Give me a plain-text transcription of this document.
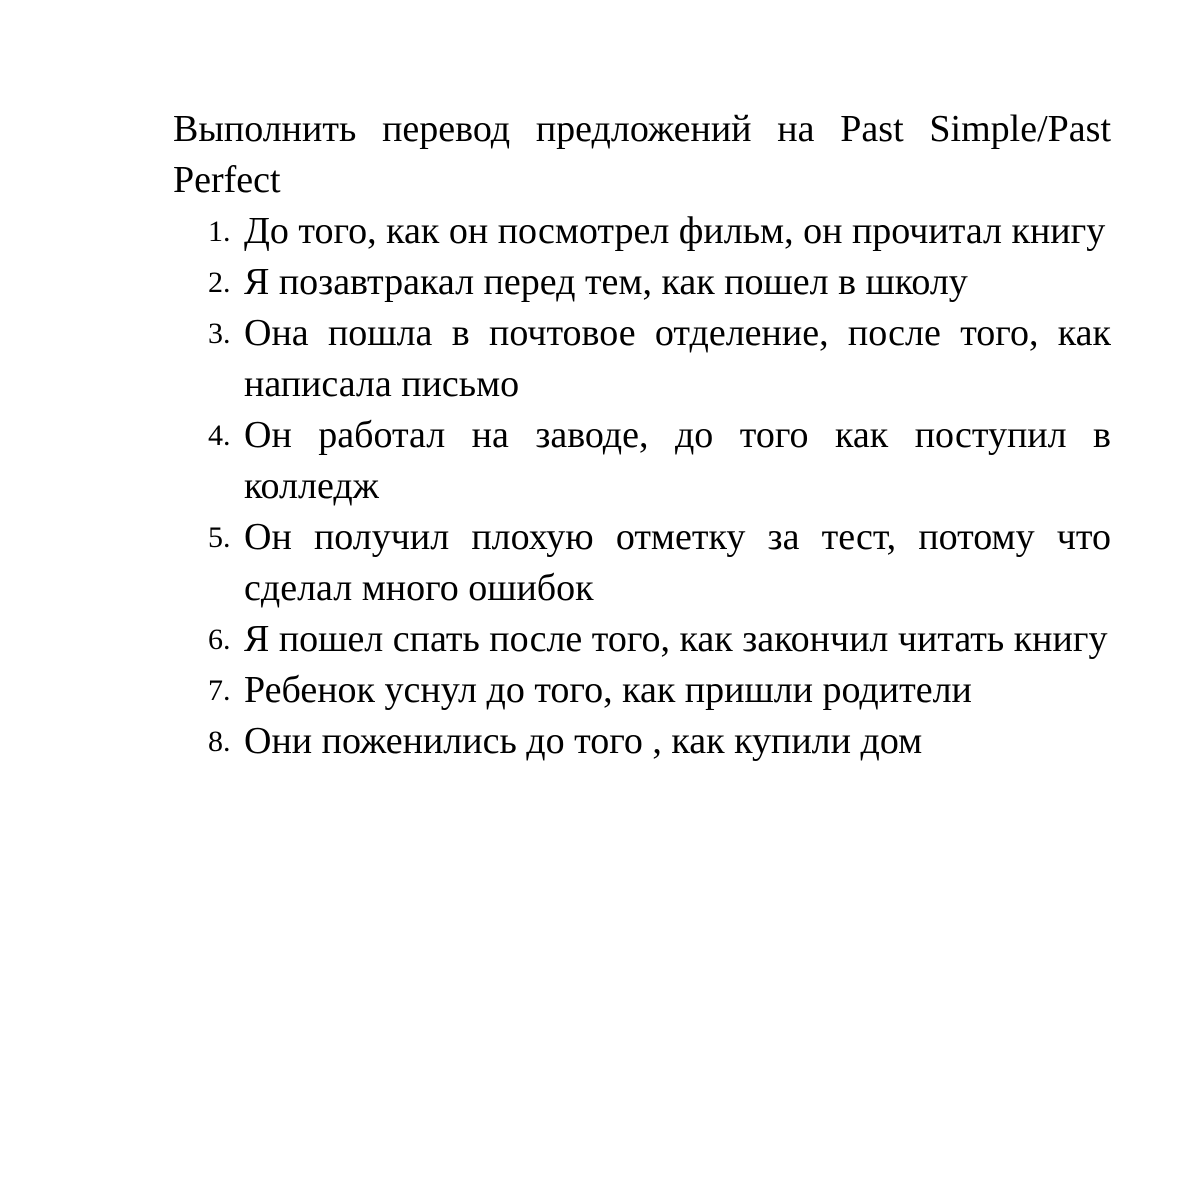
Выполнить перевод предложений на Past Simple/Past Perfect

1. До того, как он посмотрел фильм, он прочитал книгу
2. Я позавтракал перед тем, как пошел в школу
3. Она пошла в почтовое отделение, после того, как написала письмо
4. Он работал на заводе, до того как поступил в колледж
5. Он получил плохую отметку за тест, потому что сделал много ошибок
6. Я пошел спать после того, как закончил читать книгу
7. Ребенок уснул до того, как пришли родители
8. Они поженились до того , как купили дом
